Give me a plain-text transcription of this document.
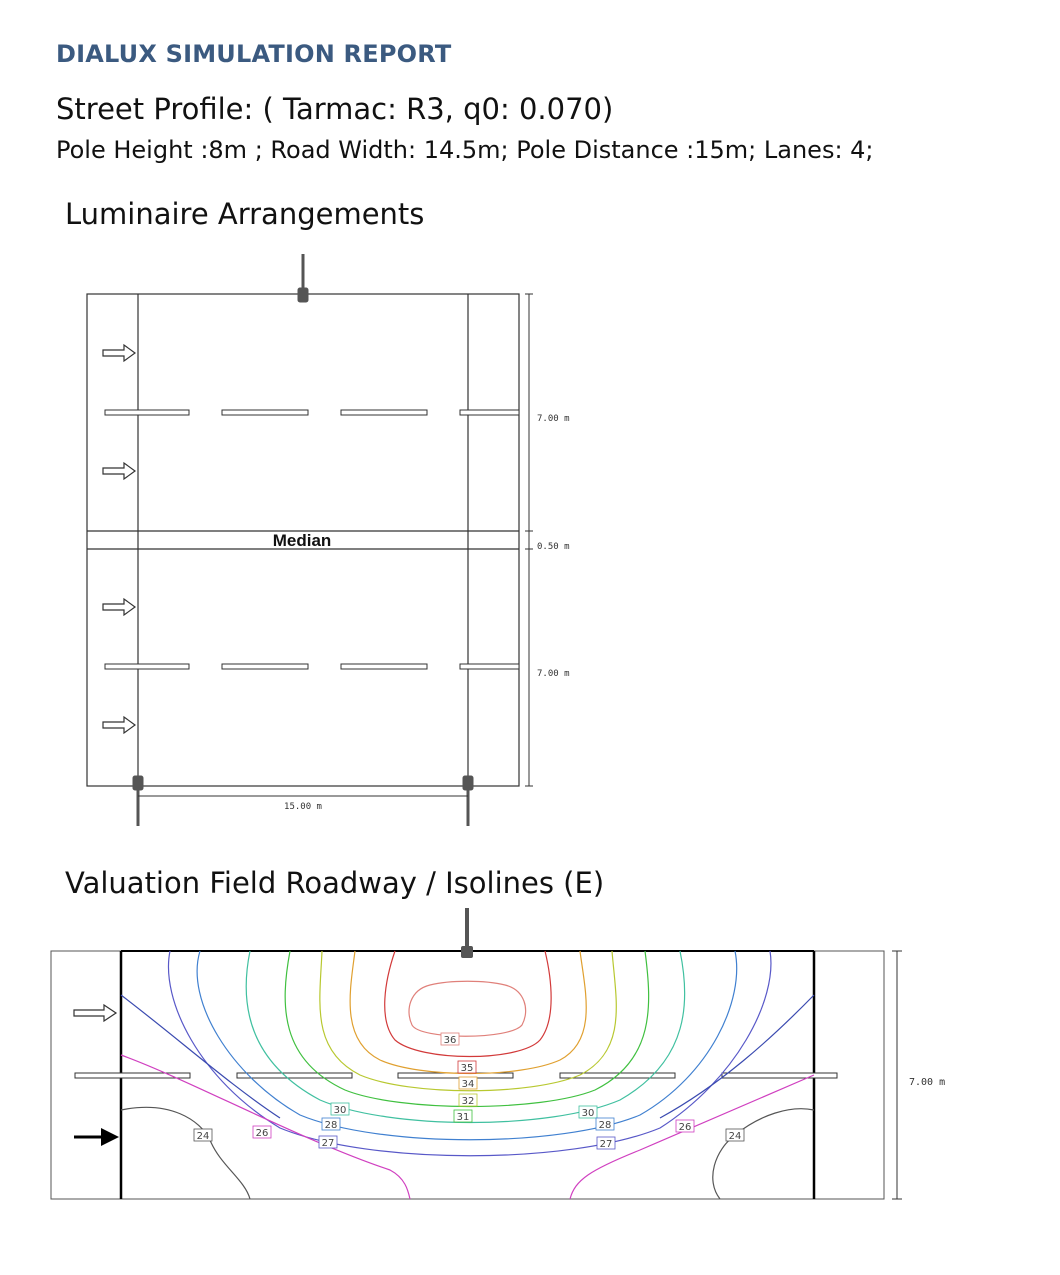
DIALUX SIMULATION REPORT
Street Profile: ( Tarmac: R3, q0: 0.070)
Pole Height :8m ; Road Width: 14.5m; Pole Distance :15m; Lanes: 4;
Luminaire Arrangements
Valuation Field Roadway / Isolines (E)
Median
7.00 m
0.50 m
7.00 m
15.00 m
36
35
34
32
31
30
28
27
26
24
30
28
27
26
24
7.00 m
